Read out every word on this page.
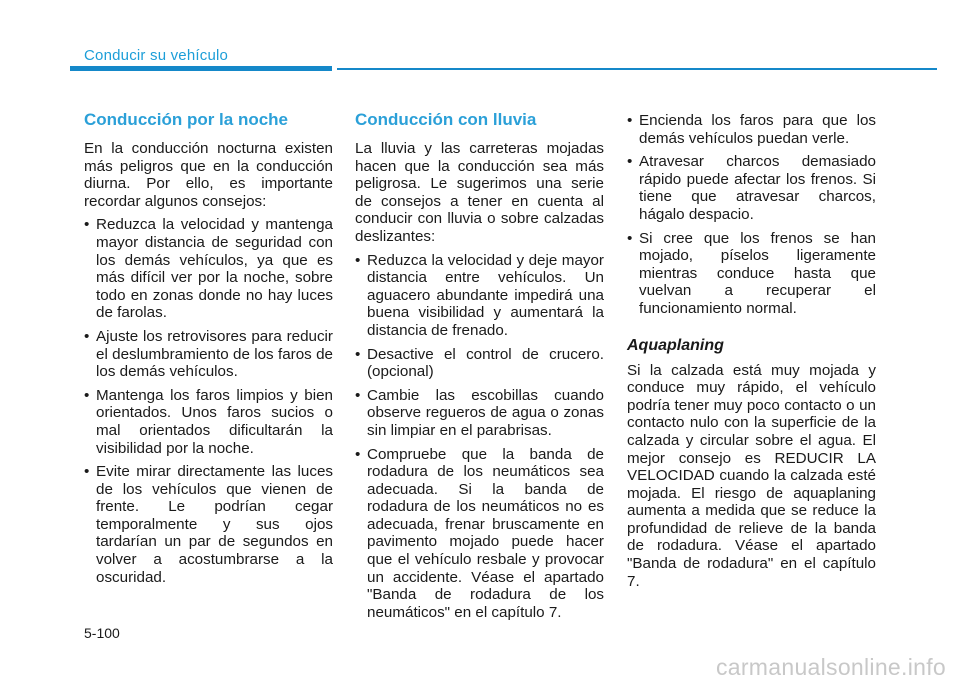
Conducir su vehículo
Conducción por la noche

En la conducción nocturna existen más peligros que en la conducción diurna. Por ello, es importante recordar algunos consejos:

• Reduzca la velocidad y mantenga mayor distancia de seguridad con los demás vehículos, ya que es más difícil ver por la noche, sobre todo en zonas donde no hay luces de farolas.
• Ajuste los retrovisores para reducir el deslumbramiento de los faros de los demás vehículos.
• Mantenga los faros limpios y bien orientados. Unos faros sucios o mal orientados dificultarán la visibilidad por la noche.
• Evite mirar directamente las luces de los vehículos que vienen de frente. Le podrían cegar temporalmente y sus ojos tardarían un par de segundos en volver a acostumbrarse a la oscuridad.
Conducción con lluvia

La lluvia y las carreteras mojadas hacen que la conducción sea más peligrosa. Le sugerimos una serie de consejos a tener en cuenta al conducir con lluvia o sobre calzadas deslizantes:

• Reduzca la velocidad y deje mayor distancia entre vehículos. Un aguacero abundante impedirá una buena visibilidad y aumentará la distancia de frenado.
• Desactive el control de crucero. (opcional)
• Cambie las escobillas cuando observe regueros de agua o zonas sin limpiar en el parabrisas.
• Compruebe que la banda de rodadura de los neumáticos sea adecuada. Si la banda de rodadura de los neumáticos no es adecuada, frenar bruscamente en pavimento mojado puede hacer que el vehículo resbale y provocar un accidente. Véase el apartado "Banda de rodadura de los neumáticos" en el capítulo 7.
• Encienda los faros para que los demás vehículos puedan verle.
• Atravesar charcos demasiado rápido puede afectar los frenos. Si tiene que atravesar charcos, hágalo despacio.
• Si cree que los frenos se han mojado, píselos ligeramente mientras conduce hasta que vuelvan a recuperar el funcionamiento normal.
Aquaplaning

Si la calzada está muy mojada y conduce muy rápido, el vehículo podría tener muy poco contacto o un contacto nulo con la superficie de la calzada y circular sobre el agua. El mejor consejo es REDUCIR LA VELOCIDAD cuando la calzada esté mojada. El riesgo de aquaplaning aumenta a medida que se reduce la profundidad de relieve de la banda de rodadura. Véase el apartado "Banda de rodadura" en el capítulo 7.

5-100
carmanualsonline.info
